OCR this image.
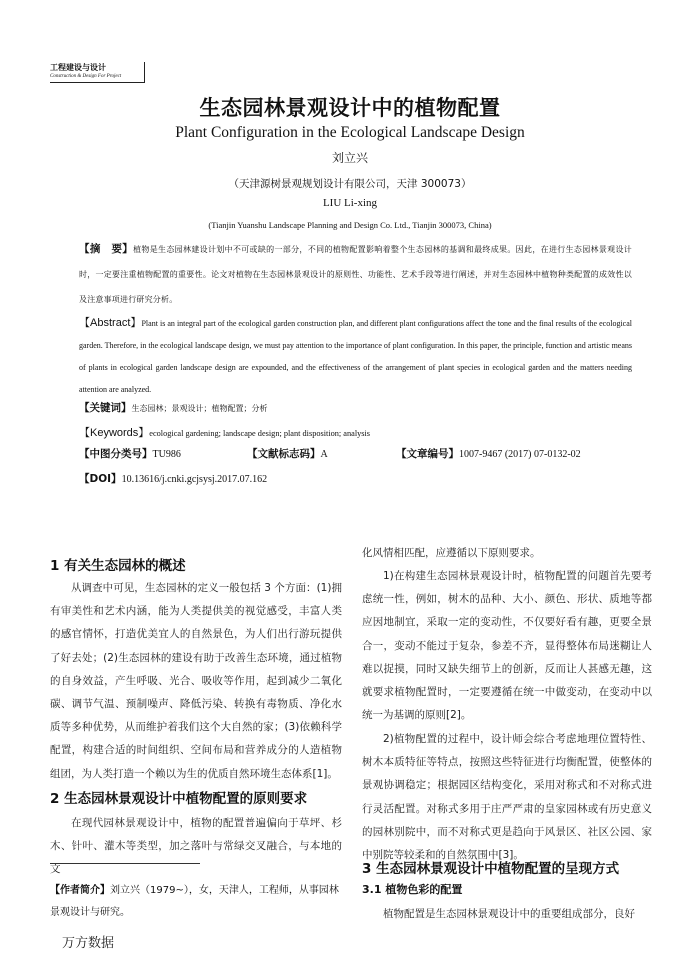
工程建设与设计
Construction & Design For Project
生态园林景观设计中的植物配置
Plant Configuration in the Ecological Landscape Design
刘立兴
（天津源树景观规划设计有限公司，天津 300073）
LIU Li-xing
(Tianjin Yuanshu Landscape Planning and Design Co. Ltd., Tianjin 300073, China)
【摘　要】植物是生态园林建设计划中不可或缺的一部分，不同的植物配置影响着整个生态园林的基调和最终成果。因此，在进行生态园林景观设计时，一定要注重植物配置的重要性。论文对植物在生态园林景观设计的原则性、功能性、艺术手段等进行阐述，并对生态园林中植物种类配置的成效性以及注意事项进行研究分析。
【Abstract】Plant is an integral part of the ecological garden construction plan, and different plant configurations affect the tone and the final results of the ecological garden. Therefore, in the ecological landscape design, we must pay attention to the importance of plant configuration. In this paper, the principle, function and artistic means of plants in ecological garden landscape design are expounded, and the effectiveness of the arrangement of plant species in ecological garden and the matters needing attention are analyzed.
【关键词】生态园林；景观设计；植物配置；分析
【Keywords】ecological gardening; landscape design; plant disposition; analysis
【中图分类号】TU986	【文献标志码】A	【文章编号】1007-9467 (2017) 07-0132-02
【DOI】10.13616/j.cnki.gcjsysj.2017.07.162
1 有关生态园林的概述
从调查中可见，生态园林的定义一般包括 3 个方面：(1)拥有审美性和艺术内涵，能为人类提供美的视觉感受，丰富人类的感官情怀，打造优美宜人的自然景色，为人们出行游玩提供了好去处；(2)生态园林的建设有助于改善生态环境，通过植物的自身效益，产生呼吸、光合、吸收等作用，起到减少二氧化碳、调节气温、预制噪声、降低污染、转换有毒物质、净化水质等多种优势，从而维护着我们这个大自然的家；(3)依赖科学配置，构建合适的时间组织、空间布局和营养成分的人造植物组团，为人类打造一个赖以为生的优质自然环境生态体系[1]。
2 生态园林景观设计中植物配置的原则要求
在现代园林景观设计中，植物的配置普遍偏向于草坪、杉木、针叶、灌木等类型，加之落叶与常绿交叉融合，与本地的文
化风情相匹配，应遵循以下原则要求。
1)在构建生态园林景观设计时，植物配置的问题首先要考虑统一性，例如，树木的品种、大小、颜色、形状、质地等都应因地制宜，采取一定的变动性，不仅要好看有趣，更要全景合一，变动不能过于复杂，参差不齐，显得整体布局迷糊让人难以捉摸，同时又缺失细节上的创新，反而让人甚感无趣，这就要求植物配置时，一定要遵循在统一中做变动，在变动中以统一为基调的原则[2]。
2)植物配置的过程中，设计师会综合考虑地理位置特性、树木本质特征等特点，按照这些特征进行均衡配置，使整体的景观协调稳定；根据园区结构变化，采用对称式和不对称式进行灵活配置。对称式多用于庄严严肃的皇家园林或有历史意义的园林别院中，而不对称式更是趋向于风景区、社区公园、家中别院等较柔和的自然氛围中[3]。
3 生态园林景观设计中植物配置的呈现方式
3.1 植物色彩的配置
植物配置是生态园林景观设计中的重要组成部分，良好
【作者简介】刘立兴（1979~），女，天津人，工程师，从事园林景观设计与研究。
万方数据
